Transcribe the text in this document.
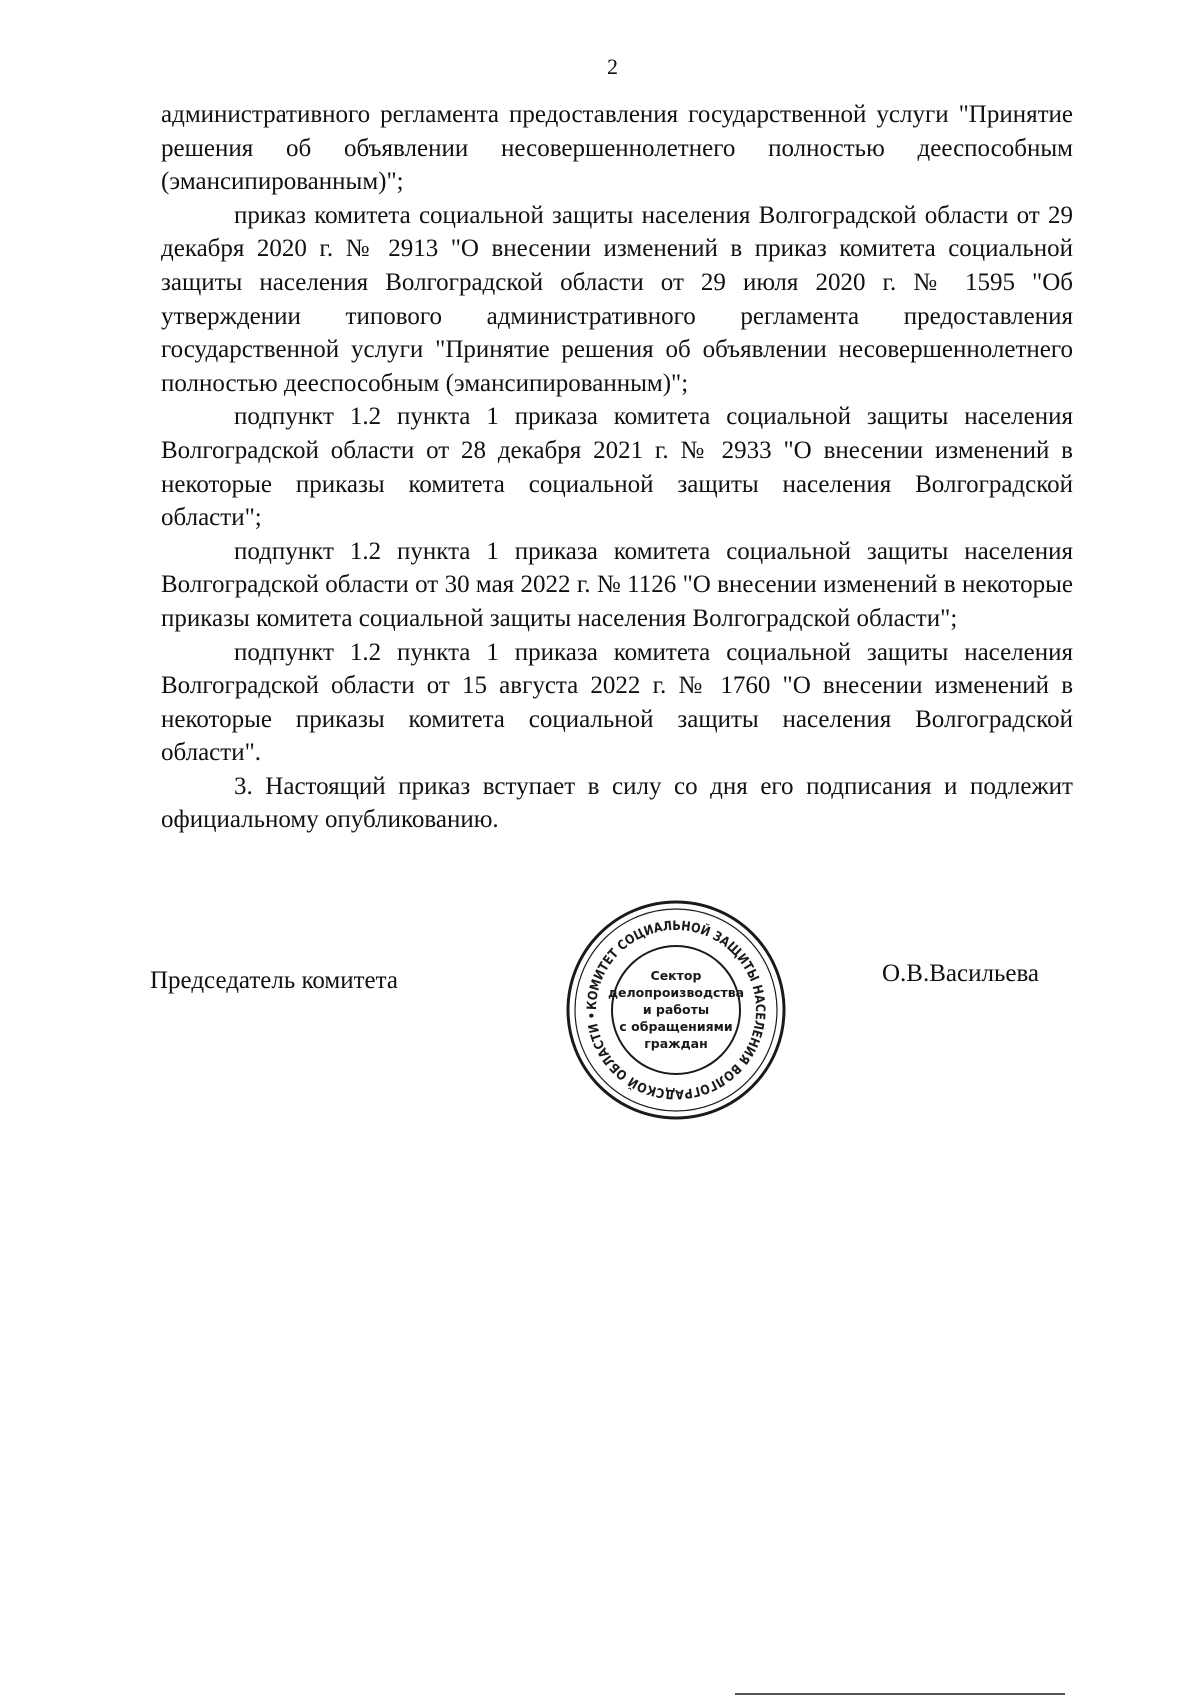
2

административного регламента предоставления государственной услуги "Принятие решения об объявлении несовершеннолетнего полностью дееспособным (эмансипированным)";

приказ комитета социальной защиты населения Волгоградской области от 29 декабря 2020 г. № 2913 "О внесении изменений в приказ комитета социальной защиты населения Волгоградской области от 29 июля 2020 г. № 1595 "Об утверждении типового административного регламента предоставления государственной услуги "Принятие решения об объявлении несовершеннолетнего полностью дееспособным (эмансипированным)";

подпункт 1.2 пункта 1 приказа комитета социальной защиты населения Волгоградской области от 28 декабря 2021 г. № 2933 "О внесении изменений в некоторые приказы комитета социальной защиты населения Волгоградской области";

подпункт 1.2 пункта 1 приказа комитета социальной защиты населения Волгоградской области от 30 мая 2022 г. № 1126 "О внесении изменений в некоторые приказы комитета социальной защиты населения Волгоградской области";

подпункт 1.2 пункта 1 приказа комитета социальной защиты населения Волгоградской области от 15 августа 2022 г. № 1760 "О внесении изменений в некоторые приказы комитета социальной защиты населения Волгоградской области".

3. Настоящий приказ вступает в силу со дня его подписания и подлежит официальному опубликованию.

Председатель комитета	О.В.Васильева
КОМИТЕТ СОЦИАЛЬНОЙ ЗАЩИТЫ НАСЕЛЕНИЯ ВОЛГОГРАДСКОЙ ОБЛАСТИ •
Сектор
делопроизводства
и работы
с обращениями
граждан
